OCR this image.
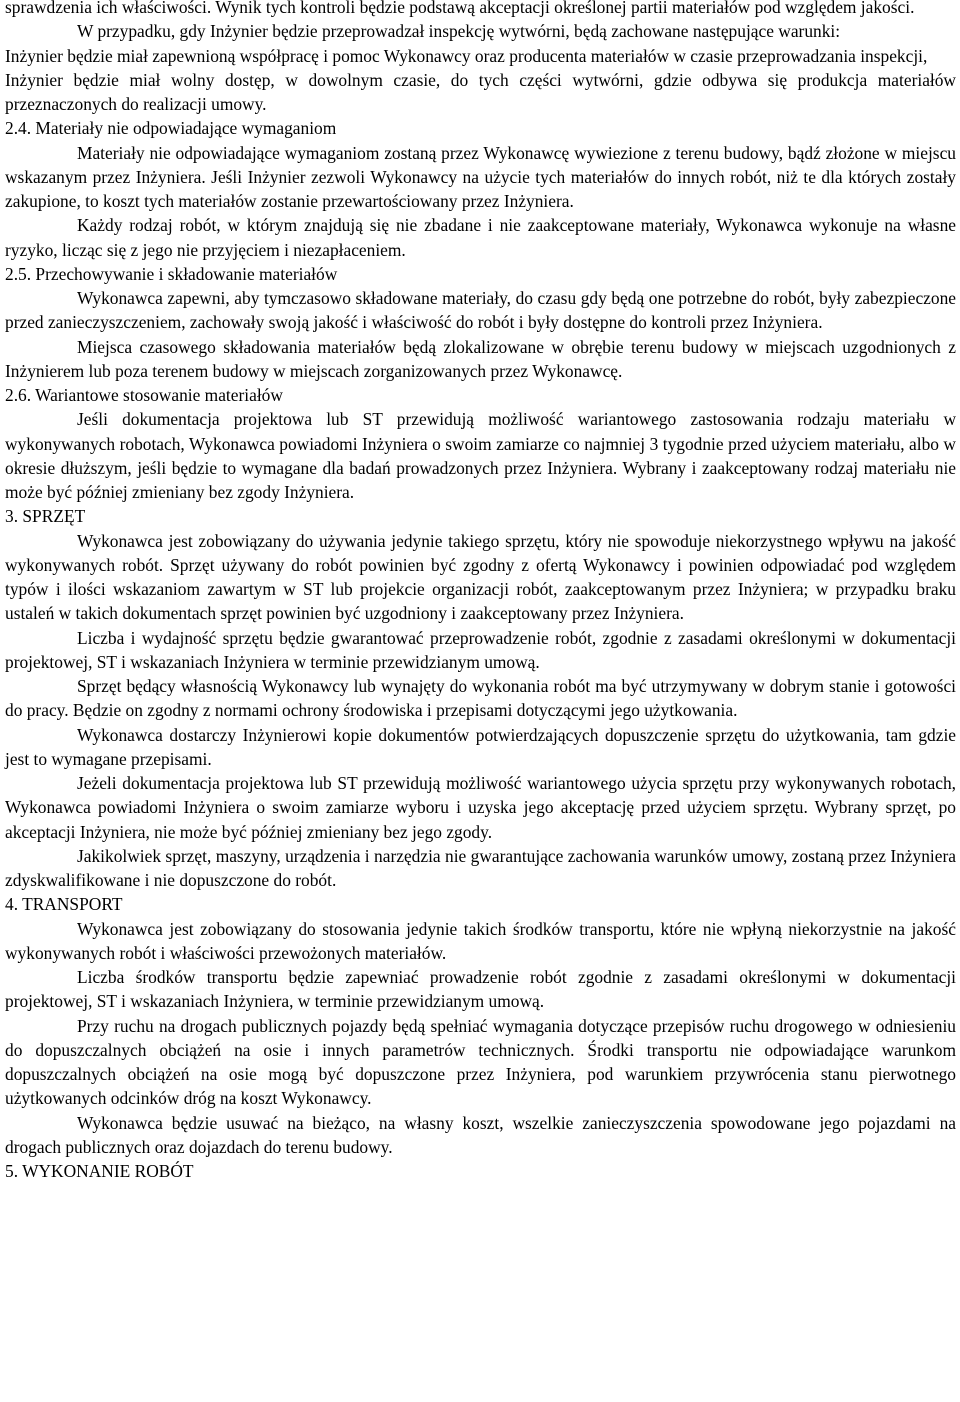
sprawdzenia ich właściwości. Wynik tych kontroli będzie podstawą akceptacji określonej partii materiałów pod względem jakości.

W przypadku, gdy Inżynier będzie przeprowadzał inspekcję wytwórni, będą zachowane następujące warunki:

Inżynier będzie miał zapewnioną współpracę i pomoc Wykonawcy oraz producenta materiałów w czasie przeprowadzania inspekcji,

Inżynier będzie miał wolny dostęp, w dowolnym czasie, do tych części wytwórni, gdzie odbywa się produkcja materiałów przeznaczonych do realizacji umowy.

2.4. Materiały nie odpowiadające wymaganiom

Materiały nie odpowiadające wymaganiom zostaną przez Wykonawcę wywiezione z terenu budowy, bądź złożone w miejscu wskazanym przez Inżyniera. Jeśli Inżynier zezwoli Wykonawcy na użycie tych materiałów do innych robót, niż te dla których zostały zakupione, to koszt tych materiałów zostanie przewartościowany przez Inżyniera.

Każdy rodzaj robót, w którym znajdują się nie zbadane i nie zaakceptowane materiały, Wykonawca wykonuje na własne ryzyko, licząc się z jego nie przyjęciem i niezapłaceniem.

2.5. Przechowywanie i składowanie materiałów

Wykonawca zapewni, aby tymczasowo składowane materiały, do czasu gdy będą one potrzebne do robót, były zabezpieczone przed zanieczyszczeniem, zachowały swoją jakość i właściwość do robót i były dostępne do kontroli przez Inżyniera.

Miejsca czasowego składowania materiałów będą zlokalizowane w obrębie terenu budowy w miejscach uzgodnionych z Inżynierem lub poza terenem budowy w miejscach zorganizowanych przez Wykonawcę.

2.6. Wariantowe stosowanie materiałów

Jeśli dokumentacja projektowa lub ST przewidują możliwość wariantowego zastosowania rodzaju materiału w wykonywanych robotach, Wykonawca powiadomi Inżyniera o swoim zamiarze co najmniej 3 tygodnie przed użyciem materiału, albo w okresie dłuższym, jeśli będzie to wymagane dla badań prowadzonych przez Inżyniera. Wybrany i zaakceptowany rodzaj materiału nie może być później zmieniany bez zgody Inżyniera.

3. SPRZĘT

Wykonawca jest zobowiązany do używania jedynie takiego sprzętu, który nie spowoduje niekorzystnego wpływu na jakość wykonywanych robót. Sprzęt używany do robót powinien być zgodny z ofertą Wykonawcy i powinien odpowiadać pod względem typów i ilości wskazaniom zawartym w ST lub projekcie organizacji robót, zaakceptowanym przez Inżyniera; w przypadku braku ustaleń w takich dokumentach sprzęt powinien być uzgodniony i zaakceptowany przez Inżyniera.

Liczba i wydajność sprzętu będzie gwarantować przeprowadzenie robót, zgodnie z zasadami określonymi w dokumentacji projektowej, ST i wskazaniach Inżyniera w terminie przewidzianym umową.

Sprzęt będący własnością Wykonawcy lub wynajęty do wykonania robót ma być utrzymywany w dobrym stanie i gotowości do pracy. Będzie on zgodny z normami ochrony środowiska i przepisami dotyczącymi jego użytkowania.

Wykonawca dostarczy Inżynierowi kopie dokumentów potwierdzających dopuszczenie sprzętu do użytkowania, tam gdzie jest to wymagane przepisami.

Jeżeli dokumentacja projektowa lub ST przewidują możliwość wariantowego użycia sprzętu przy wykonywanych robotach, Wykonawca powiadomi Inżyniera o swoim zamiarze wyboru i uzyska jego akceptację przed użyciem sprzętu. Wybrany sprzęt, po akceptacji Inżyniera, nie może być później zmieniany bez jego zgody.

Jakikolwiek sprzęt, maszyny, urządzenia i narzędzia nie gwarantujące zachowania warunków umowy, zostaną przez Inżyniera zdyskwalifikowane i nie dopuszczone do robót.

4. TRANSPORT

Wykonawca jest zobowiązany do stosowania jedynie takich środków transportu, które nie wpłyną niekorzystnie na jakość wykonywanych robót i właściwości przewożonych materiałów.

Liczba środków transportu będzie zapewniać prowadzenie robót zgodnie z zasadami określonymi w dokumentacji projektowej, ST i wskazaniach Inżyniera, w terminie przewidzianym umową.

Przy ruchu na drogach publicznych pojazdy będą spełniać wymagania dotyczące przepisów ruchu drogowego w odniesieniu do dopuszczalnych obciążeń na osie i innych parametrów technicznych. Środki transportu nie odpowiadające warunkom dopuszczalnych obciążeń na osie mogą być dopuszczone przez Inżyniera, pod warunkiem przywrócenia stanu pierwotnego użytkowanych odcinków dróg na koszt Wykonawcy.

Wykonawca będzie usuwać na bieżąco, na własny koszt, wszelkie zanieczyszczenia spowodowane jego pojazdami na drogach publicznych oraz dojazdach do terenu budowy.

5. WYKONANIE ROBÓT
